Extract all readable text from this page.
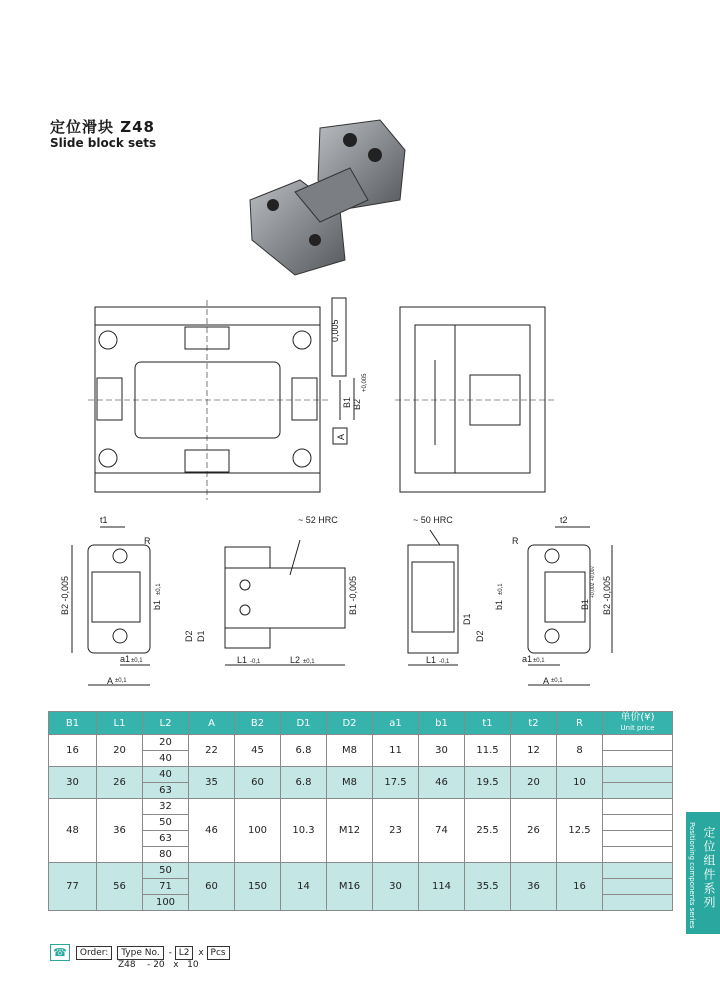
定位滑块 Z48
Slide block sets
0,005
A
B1 B2
+0,005
~ 52 HRC	~ 50 HRC
t1	t2
R	R
B2 -0,005	b1
±0,1
a1 ±0,1
A ±0,1
D2 D1
L1 -0,1	L2 ±0,1
B1 -0,005
L1 -0,1
D1
D2
b1
±0,1
B1
+0,002 +0,007 B2 -0,005
a1 ±0,1
A ±0,1
B1	L1	L2	A	B2	D1	D2	a1	b1	t1	t2	R	单价(¥)
Unit price

16	20	20	22	45	6.8	M8	11	30	11.5	12	8	
		40										
30	26	40	35	60	6.8	M8	17.5	46	19.5	20	10	
		63										
48	36	32	46	100	10.3	M12	23	74	25.5	26	12.5	
		50										
		63										
		80										
77	56	50	60	150	14	M16	30	114	35.5	36	16	
		71										
		100											定位组件系列
Positioning components series
☎ Order: Type No. - L2 x Pcs
Z48 - 20 x 10
